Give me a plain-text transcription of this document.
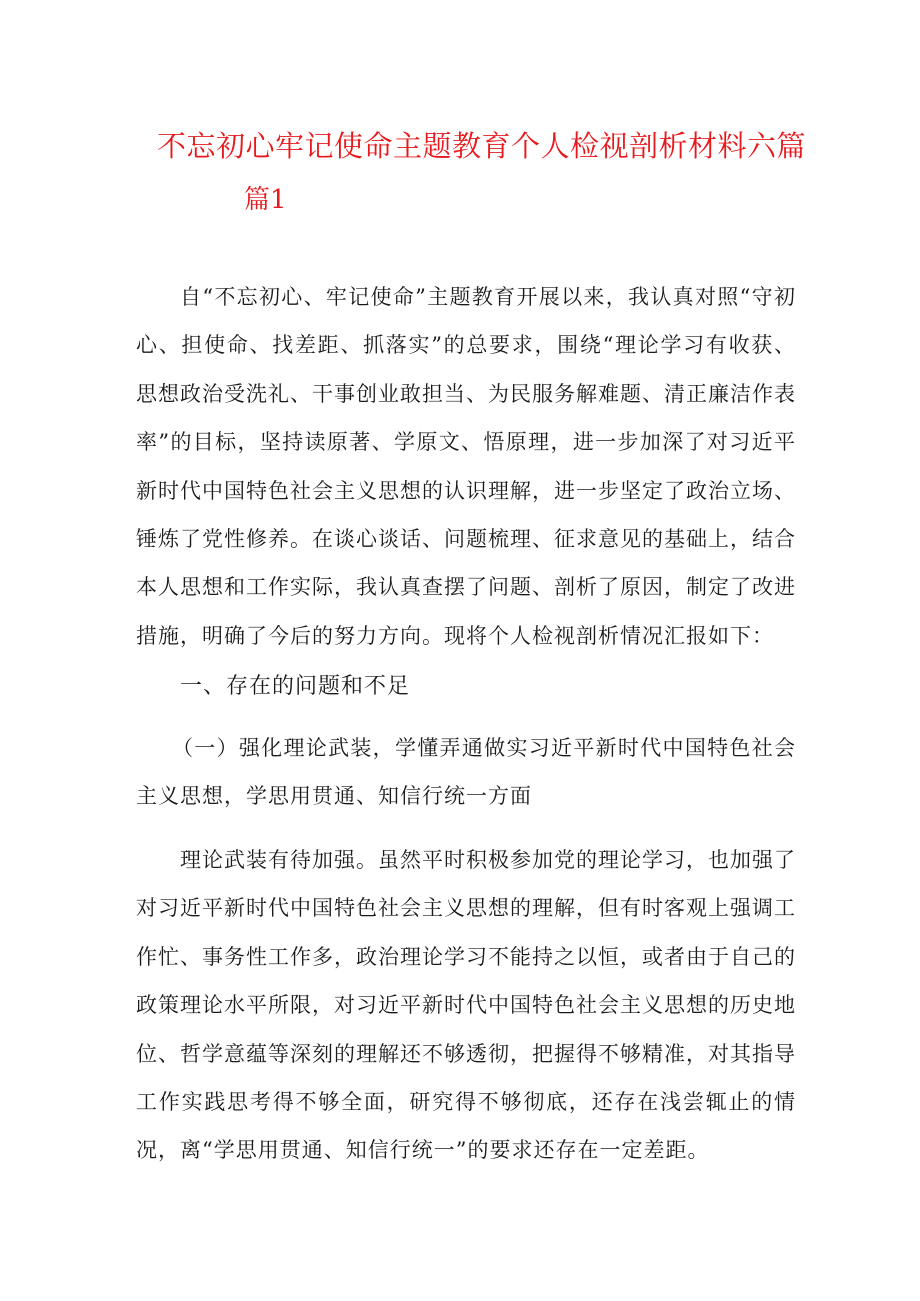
不忘初心牢记使命主题教育个人检视剖析材料六篇
篇1

自“不忘初心、牢记使命”主题教育开展以来，我认真对照“守初心、担使命、找差距、抓落实”的总要求，围绕“理论学习有收获、思想政治受洗礼、干事创业敢担当、为民服务解难题、清正廉洁作表率”的目标，坚持读原著、学原文、悟原理，进一步加深了对习近平新时代中国特色社会主义思想的认识理解，进一步坚定了政治立场、锤炼了党性修养。在谈心谈话、问题梳理、征求意见的基础上，结合本人思想和工作实际，我认真查摆了问题、剖析了原因，制定了改进措施，明确了今后的努力方向。现将个人检视剖析情况汇报如下：

一、存在的问题和不足

（一）强化理论武装，学懂弄通做实习近平新时代中国特色社会主义思想，学思用贯通、知信行统一方面

理论武装有待加强。虽然平时积极参加党的理论学习，也加强了对习近平新时代中国特色社会主义思想的理解，但有时客观上强调工作忙、事务性工作多，政治理论学习不能持之以恒，或者由于自己的政策理论水平所限，对习近平新时代中国特色社会主义思想的历史地位、哲学意蕴等深刻的理解还不够透彻，把握得不够精准，对其指导工作实践思考得不够全面，研究得不够彻底，还存在浅尝辄止的情况，离“学思用贯通、知信行统一”的要求还存在一定差距。
